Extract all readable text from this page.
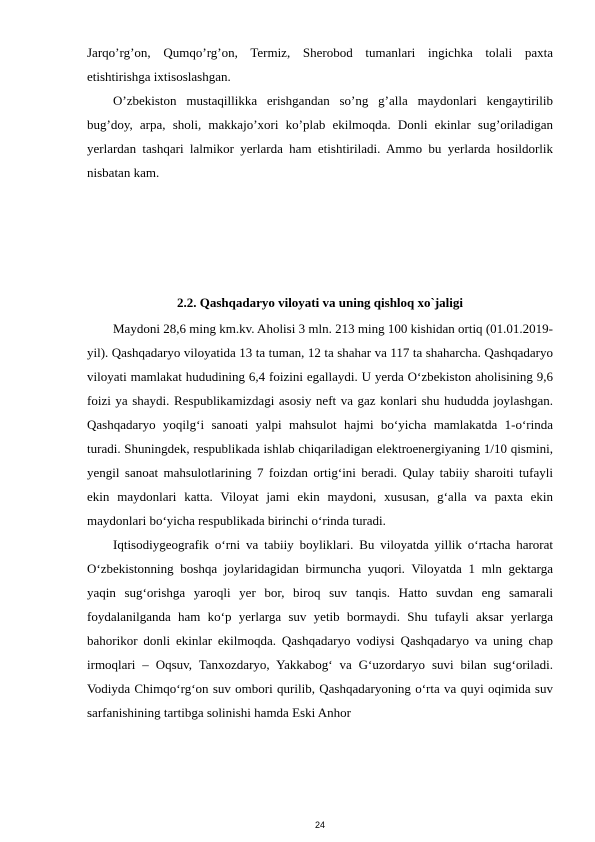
Jarqo’rg’on, Qumqo’rg’on, Termiz, Sherobod tumanlari ingichka tolali paxta etishtirishga ixtisoslashgan.

O’zbekiston mustaqillikka erishgandan so’ng g’alla maydonlari kengaytirilib bug’doy, arpa, sholi, makkajo’xori ko’plab ekilmoqda. Donli ekinlar sug’oriladigan yerlardan tashqari lalmikor yerlarda ham etishtiriladi. Ammo bu yerlarda hosildorlik nisbatan kam.

2.2. Qashqadaryo viloyati va uning qishloq xo`jaligi

Maydoni 28,6 ming km.kv. Aholisi 3 mln. 213 ming 100 kishidan ortiq (01.01.2019-yil). Qashqadaryo viloyatida 13 ta tuman, 12 ta shahar va 117 ta shaharcha. Qashqadaryo viloyati mamlakat hududining 6,4 foizini egallaydi. U yerda O‘zbekiston aholisining 9,6 foizi ya shaydi. Respublikamizdagi asosiy neft va gaz konlari shu hududda joylashgan. Qashqadaryo yoqilg‘i sanoati yalpi mahsulot hajmi bo‘yicha mamlakatda 1-o‘rinda turadi. Shuningdek, respublikada ishlab chiqariladigan elektroenergiyaning 1/10 qismini, yengil sanoat mahsulotlarining 7 foizdan ortig‘ini beradi. Qulay tabiiy sharoiti tufayli ekin maydonlari katta. Viloyat jami ekin maydoni, xususan, g‘alla va paxta ekin maydonlari bo‘yicha respublikada birinchi o‘rinda turadi.

Iqtisodiygeografik o‘rni va tabiiy boyliklari. Bu viloyatda yillik o‘rtacha harorat O‘zbekistonning boshqa joylaridagidan birmuncha yuqori. Viloyatda 1 mln gektarga yaqin sug‘orishga yaroqli yer bor, biroq suv tanqis. Hatto suvdan eng samarali foydalanilganda ham ko‘p yerlarga suv yetib bormaydi. Shu tufayli aksar yerlarga bahorikor donli ekinlar ekilmoqda. Qashqadaryo vodiysi Qashqadaryo va uning chap irmoqlari – Oqsuv, Tanxozdaryo, Yakkabog‘ va G‘uzordaryo suvi bilan sug‘oriladi. Vodiyda Chimqo‘rg‘on suv ombori qurilib, Qashqadaryoning o‘rta va quyi oqimida suv sarfanishining tartibga solinishi hamda Eski Anhor

24
